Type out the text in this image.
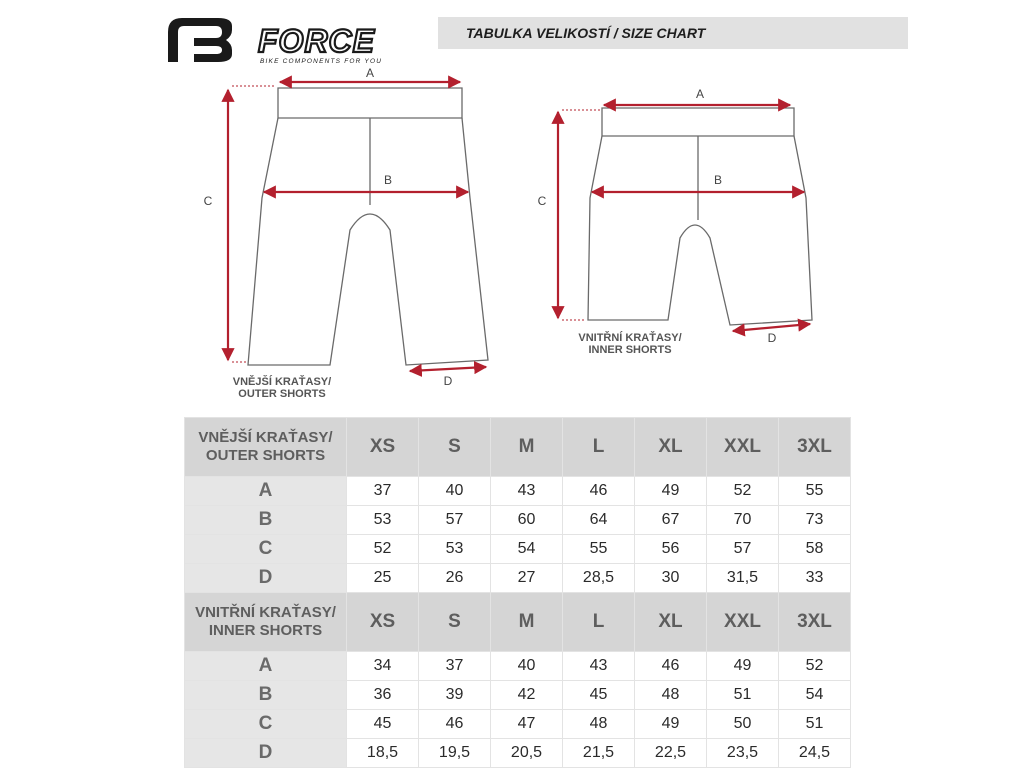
FORCE
BIKE COMPONENTS FOR YOU
TABULKA VELIKOSTÍ / SIZE CHART
A
B
C
D
A
B
C
D
VNĚJŠÍ KRAŤASY/
OUTER SHORTS
VNITŘNÍ KRAŤASY/
INNER SHORTS
VNĚJŠÍ KRAŤASY/
OUTER SHORTS	XS	S	M	L	XL	XXL	3XL
A	37	40	43	46	49	52	55
B	53	57	60	64	67	70	73
C	52	53	54	55	56	57	58
D	25	26	27	28,5	30	31,5	33

VNITŘNÍ KRAŤASY/
INNER SHORTS	XS	S	M	L	XL	XXL	3XL
A	34	37	40	43	46	49	52
B	36	39	42	45	48	51	54
C	45	46	47	48	49	50	51
D	18,5	19,5	20,5	21,5	22,5	23,5	24,5
